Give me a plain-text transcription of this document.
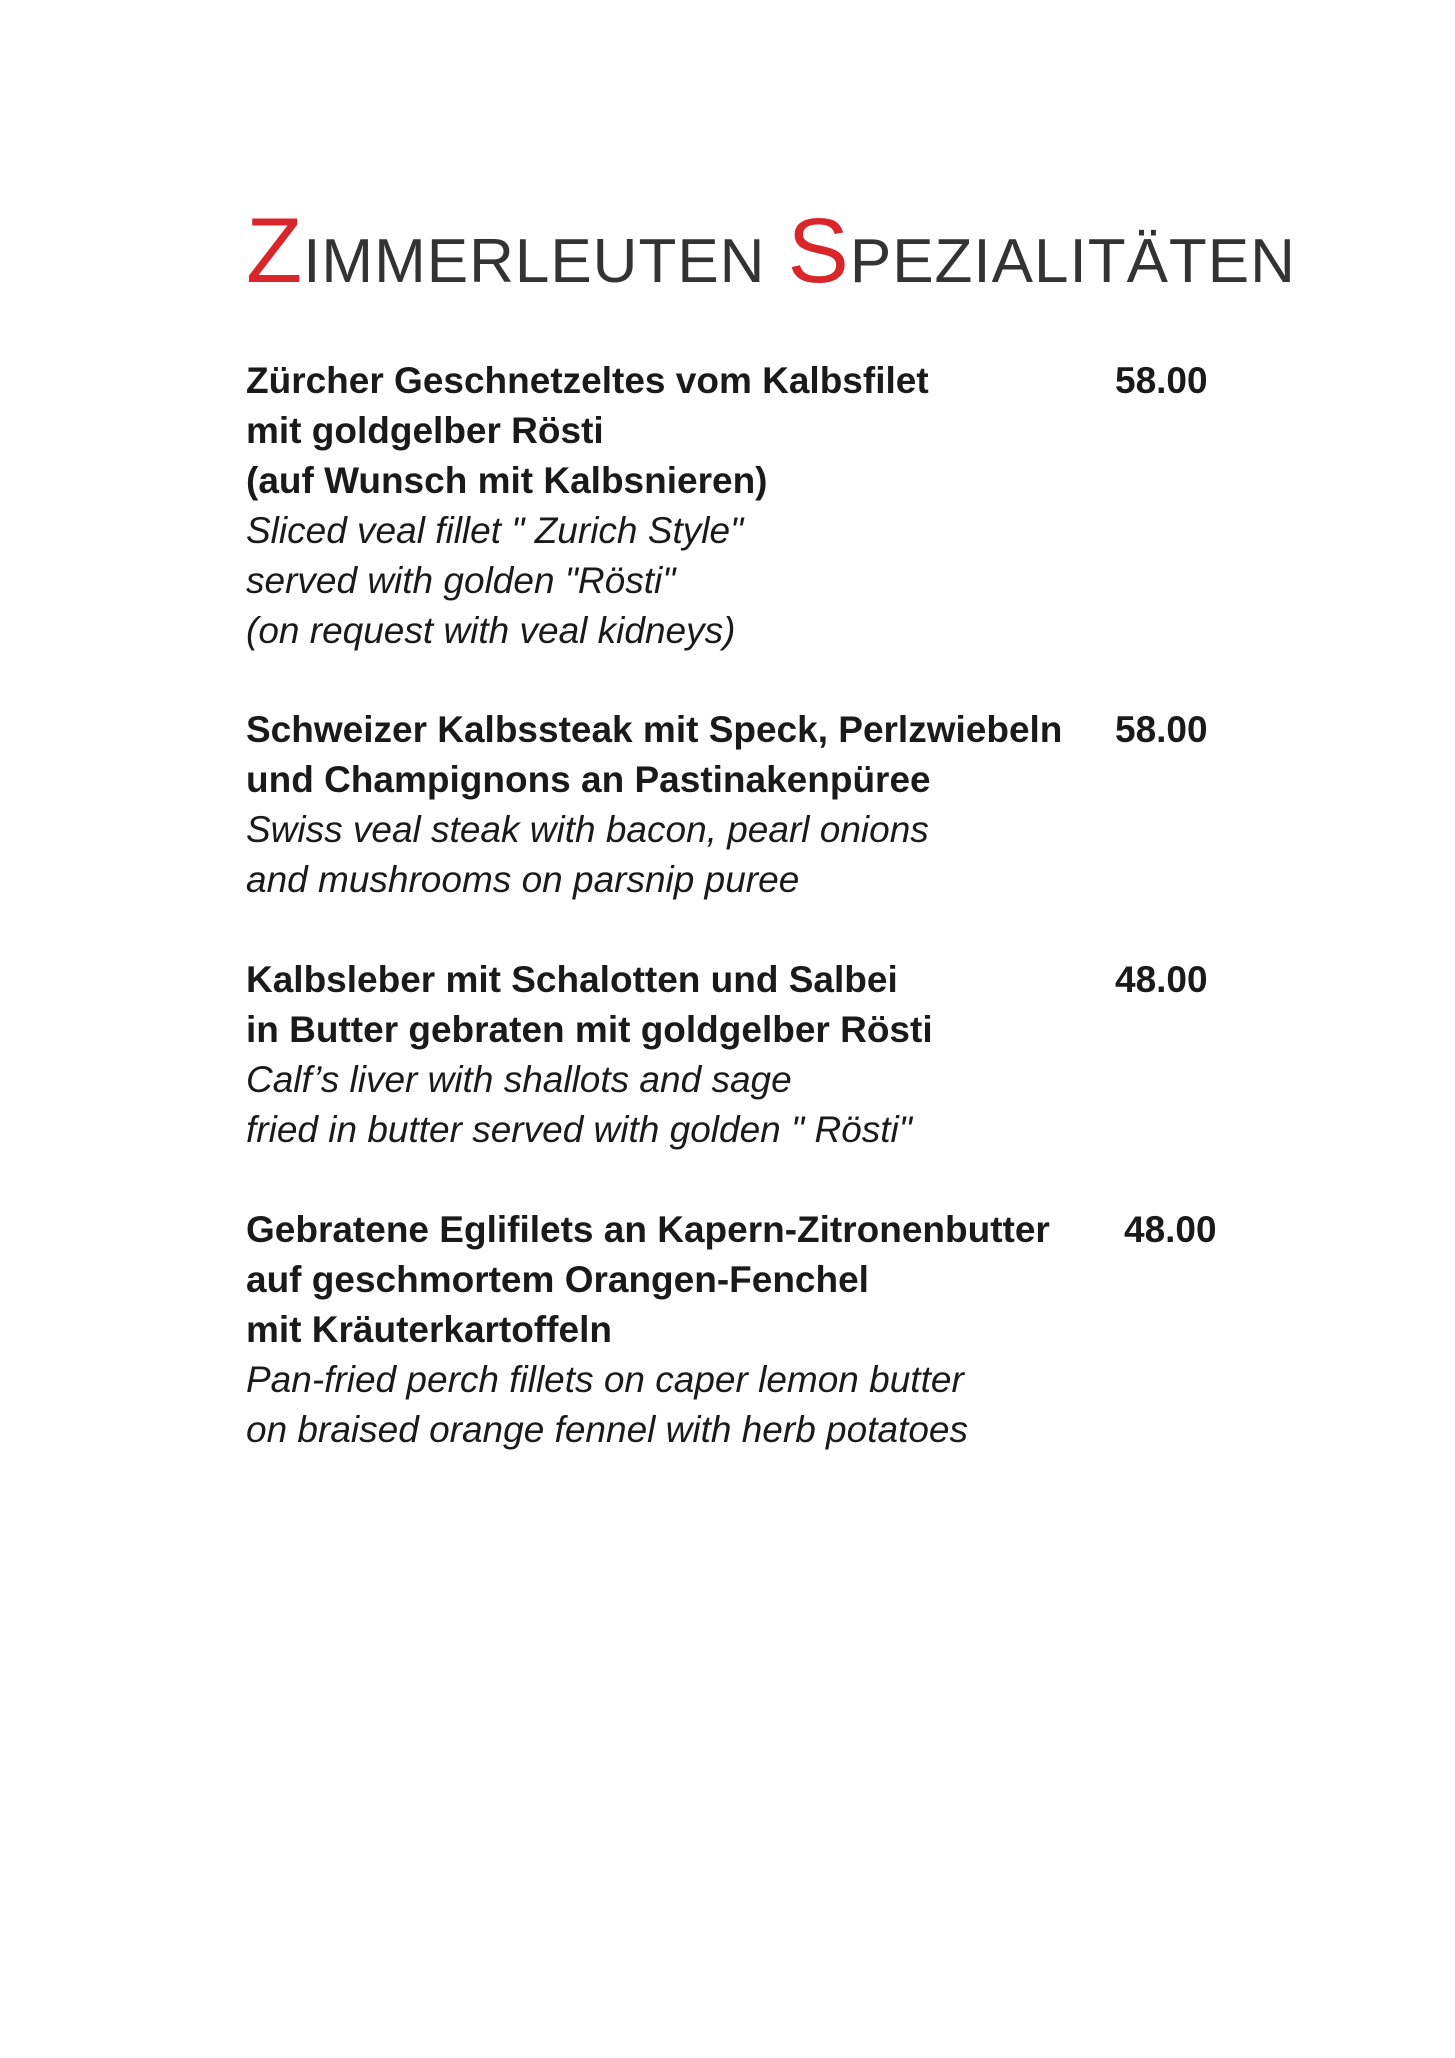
ZIMMERLEUTEN SPEZIALITÄTEN
Zürcher Geschnetzeltes vom Kalbsfilet
mit goldgelber Rösti
(auf Wunsch mit Kalbsnieren)
Sliced veal fillet " Zurich Style"
served with golden "Rösti"
(on request with veal kidneys)
58.00
Schweizer Kalbssteak mit Speck, Perlzwiebeln
und Champignons an Pastinakenpüree
Swiss veal steak with bacon, pearl onions
and mushrooms on parsnip puree
58.00
Kalbsleber mit Schalotten und Salbei
in Butter gebraten mit goldgelber Rösti
Calf’s liver with shallots and sage
fried in butter served with golden " Rösti"
48.00
Gebratene Eglifilets an Kapern-Zitronenbutter
auf geschmortem Orangen-Fenchel
mit Kräuterkartoffeln
Pan-fried perch fillets on caper lemon butter
on braised orange fennel with herb potatoes
48.00
